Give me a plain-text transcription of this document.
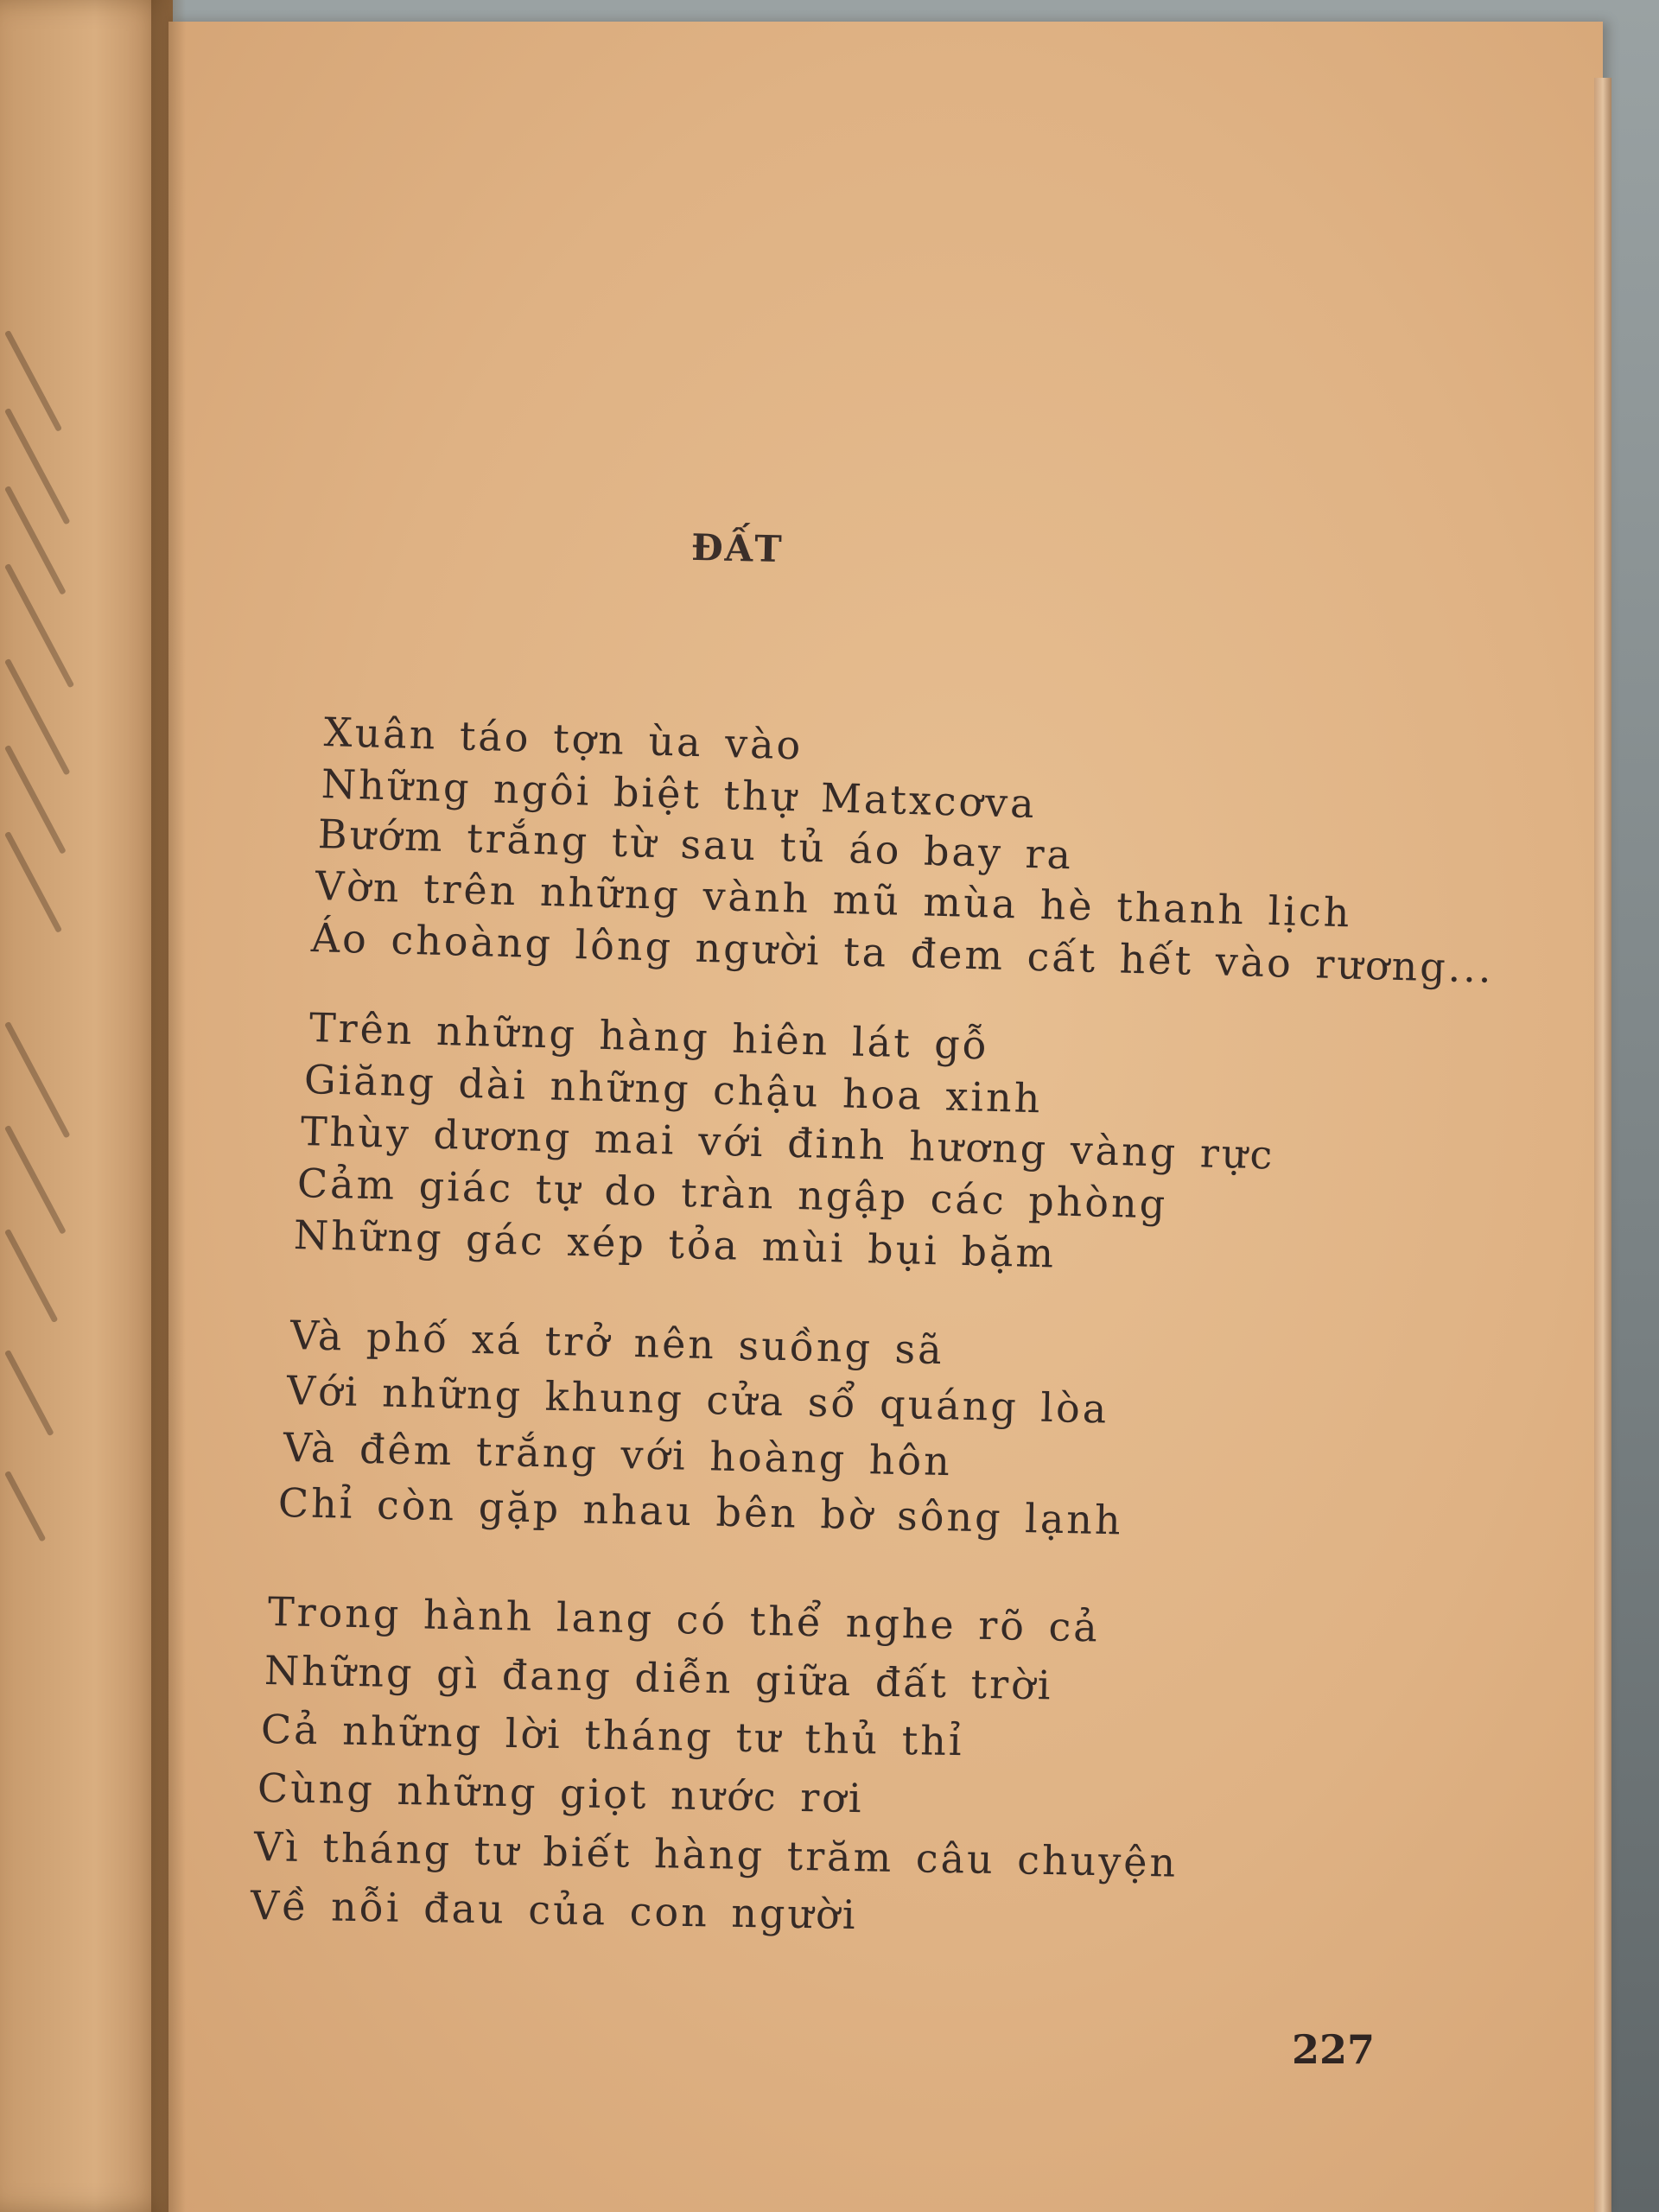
ĐẤT
Xuân táo tợn ùa vào
Những ngôi biệt thự Matxcơva
Bướm trắng từ sau tủ áo bay ra
Vờn trên những vành mũ mùa hè thanh lịch
Áo choàng lông người ta đem cất hết vào rương...
Trên những hàng hiên lát gỗ
Giăng dài những chậu hoa xinh
Thùy dương mai với đinh hương vàng rực
Cảm giác tự do tràn ngập các phòng
Những gác xép tỏa mùi bụi bặm
Và phố xá trở nên suồng sã
Với những khung cửa sổ quáng lòa
Và đêm trắng với hoàng hôn
Chỉ còn gặp nhau bên bờ sông lạnh
Trong hành lang có thể nghe rõ cả
Những gì đang diễn giữa đất trời
Cả những lời tháng tư thủ thỉ
Cùng những giọt nước rơi
Vì tháng tư biết hàng trăm câu chuyện
Về nỗi đau của con người
227
